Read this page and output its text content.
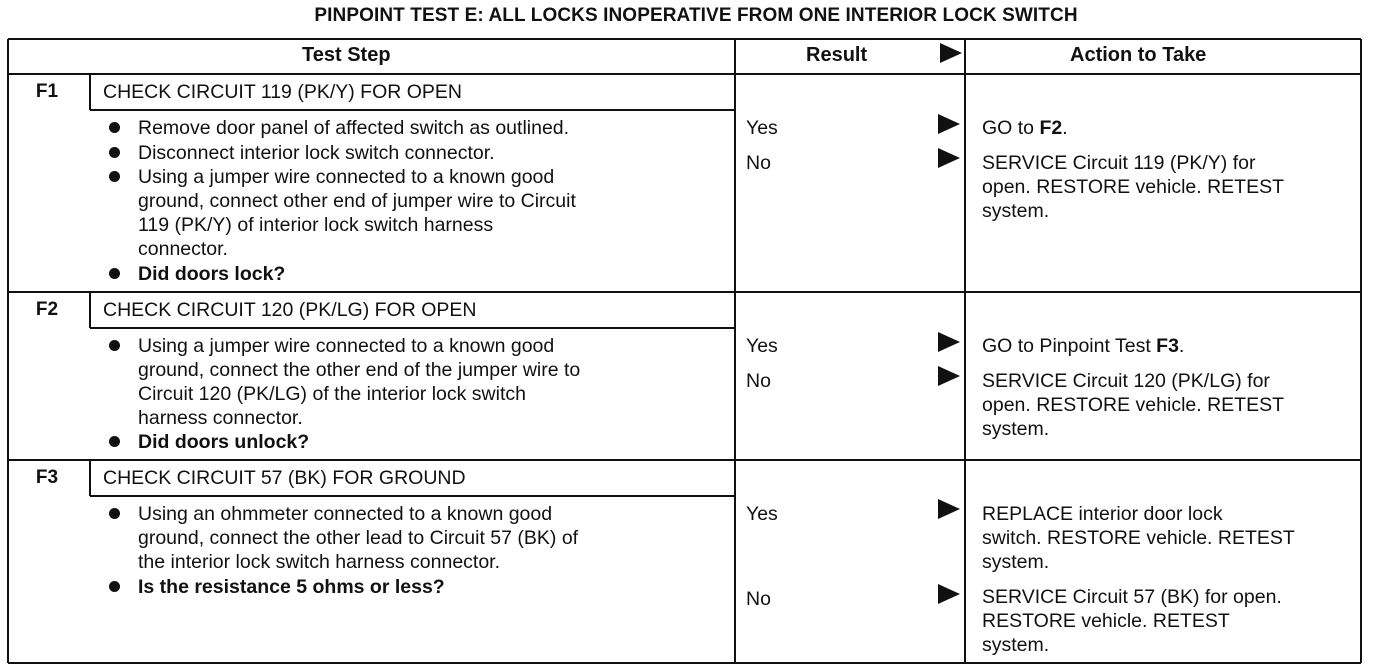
PINPOINT TEST E: ALL LOCKS INOPERATIVE FROM ONE INTERIOR LOCK SWITCH
Test Step	Result	Action to Take
F1	CHECK CIRCUIT 119 (PK/Y) FOR OPEN
Remove door panel of affected switch as outlined.
Disconnect interior lock switch connector.
Using a jumper wire connected to a known good
ground, connect other end of jumper wire to Circuit
119 (PK/Y) of interior lock switch harness
connector.
Did doors lock?
Yes	GO to F2.
No	SERVICE Circuit 119 (PK/Y) for
open. RESTORE vehicle. RETEST
system.
F2	CHECK CIRCUIT 120 (PK/LG) FOR OPEN
Using a jumper wire connected to a known good
ground, connect the other end of the jumper wire to
Circuit 120 (PK/LG) of the interior lock switch
harness connector.
Did doors unlock?
Yes	GO to Pinpoint Test F3.
No	SERVICE Circuit 120 (PK/LG) for
open. RESTORE vehicle. RETEST
system.
F3	CHECK CIRCUIT 57 (BK) FOR GROUND
Using an ohmmeter connected to a known good
ground, connect the other lead to Circuit 57 (BK) of
the interior lock switch harness connector.
Is the resistance 5 ohms or less?
Yes	REPLACE interior door lock
switch. RESTORE vehicle. RETEST
system.
No	SERVICE Circuit 57 (BK) for open.
RESTORE vehicle. RETEST
system.
